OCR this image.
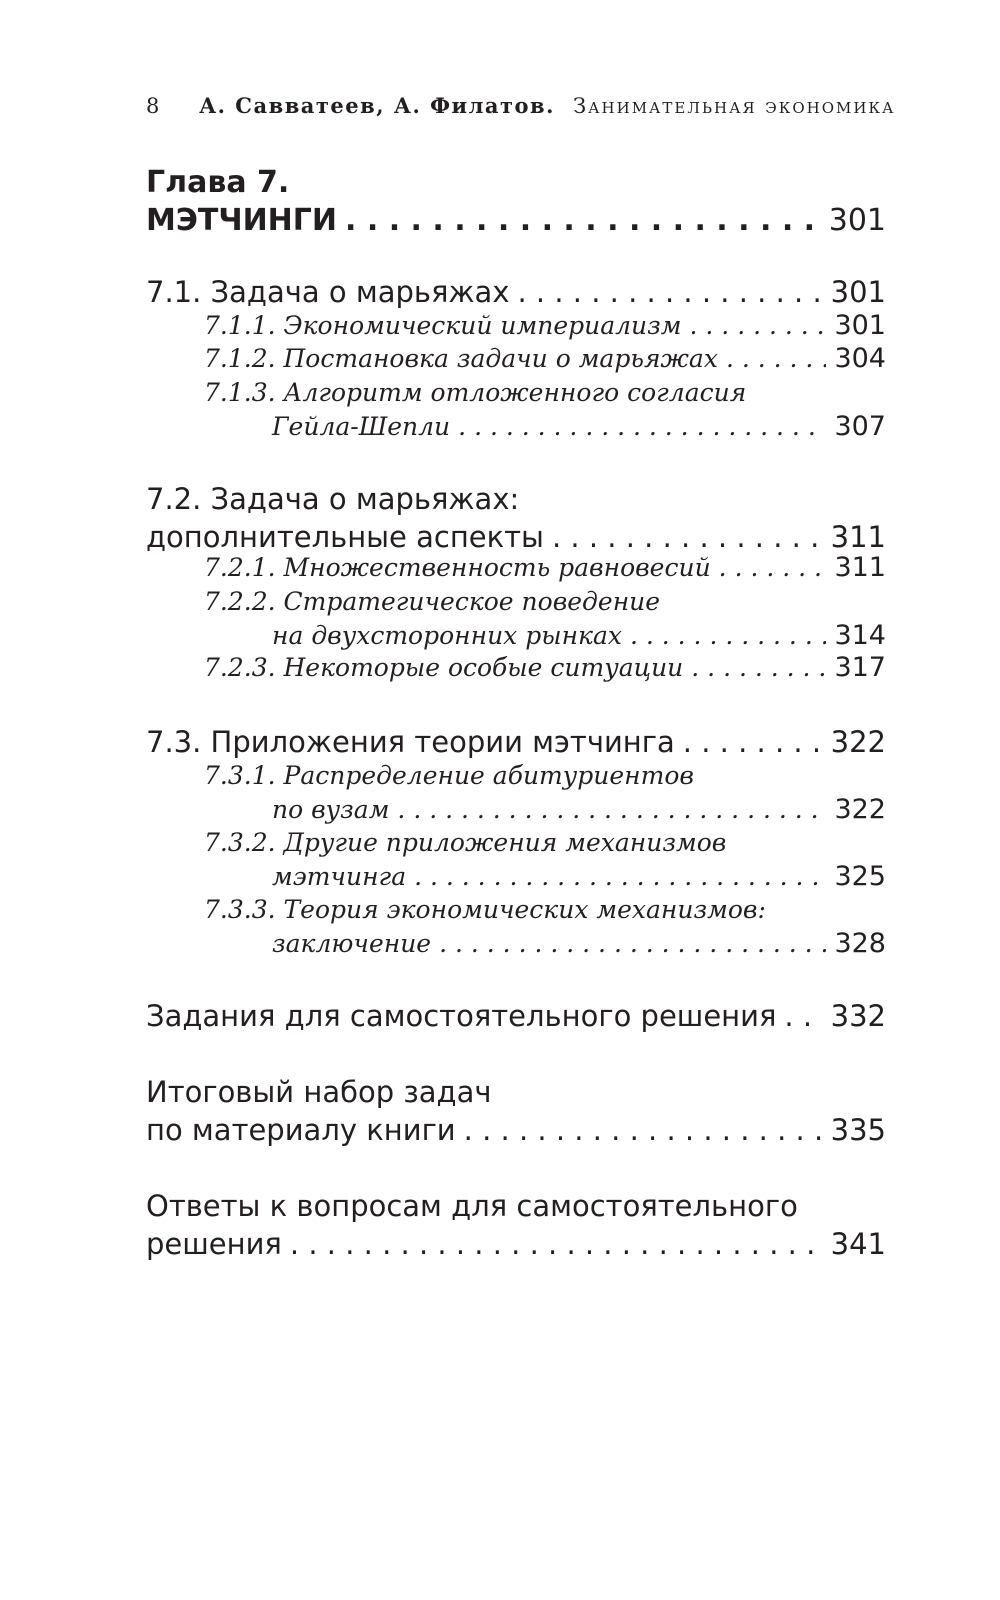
8 А. Савватеев, А. Филатов. Занимательная экономика
Глава 7.
МЭТЧИНГИ . . .	301
7.1. Задача о марьяжах . . .	301
7.1.1. Экономический империализм . . .	301
7.1.2. Постановка задачи о марьяжах . . .	304
7.1.3. Алгоритм отложенного согласия
Гейла-Шепли . . .	307
7.2. Задача о марьяжах:
дополнительные аспекты . . .	311
7.2.1. Множественность равновесий . . .	311
7.2.2. Стратегическое поведение
на двухсторонних рынках . . .	314
7.2.3. Некоторые особые ситуации . . .	317
7.3. Приложения теории мэтчинга . . .	322
7.3.1. Распределение абитуриентов
по вузам . . .	322
7.3.2. Другие приложения механизмов
мэтчинга . . .	325
7.3.3. Теория экономических механизмов:
заключение . . .	328
Задания для самостоятельного решения . . . 332
Итоговый набор задач
по материалу книги . . .	335
Ответы к вопросам для самостоятельного
решения . . .	341
